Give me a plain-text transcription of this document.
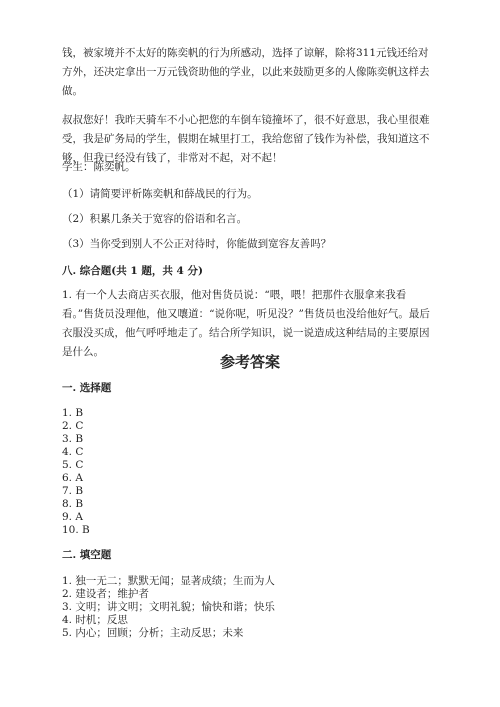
钱，被家境并不太好的陈奕帆的行为所感动，选择了谅解，除将311元钱还给对方外，还决定拿出一万元钱资助他的学业，以此来鼓励更多的人像陈奕帆这样去做。

叔叔您好！我昨天骑车不小心把您的车倒车镜撞坏了，很不好意思，我心里很难受，我是矿务局的学生，假期在城里打工，我给您留了钱作为补偿，我知道这不够，但我已经没有钱了，非常对不起，对不起！

学生：陈奕帆。

（1）请简要评析陈奕帆和薛战民的行为。

（2）积累几条关于宽容的俗语和名言。

（3）当你受到别人不公正对待时，你能做到宽容友善吗？

八. 综合题(共 1 题，共 4 分)

1. 有一个人去商店买衣服，他对售货员说：“喂，喂！把那件衣服拿来我看看。”售货员没理他，他又嚷道：“说你呢，听见没？”售货员也没给他好气。最后衣服没买成，他气呼呼地走了。结合所学知识，说一说造成这种结局的主要原因是什么。

参考答案

一. 选择题

1. B
2. C
3. B
4. C
5. C
6. A
7. B
8. B
9. A
10. B

二. 填空题

1. 独一无二；默默无闻；显著成绩；生而为人
2. 建设者；维护者
3. 文明；讲文明；文明礼貌；愉快和谐；快乐
4. 时机；反思
5. 内心；回顾；分析；主动反思；未来
